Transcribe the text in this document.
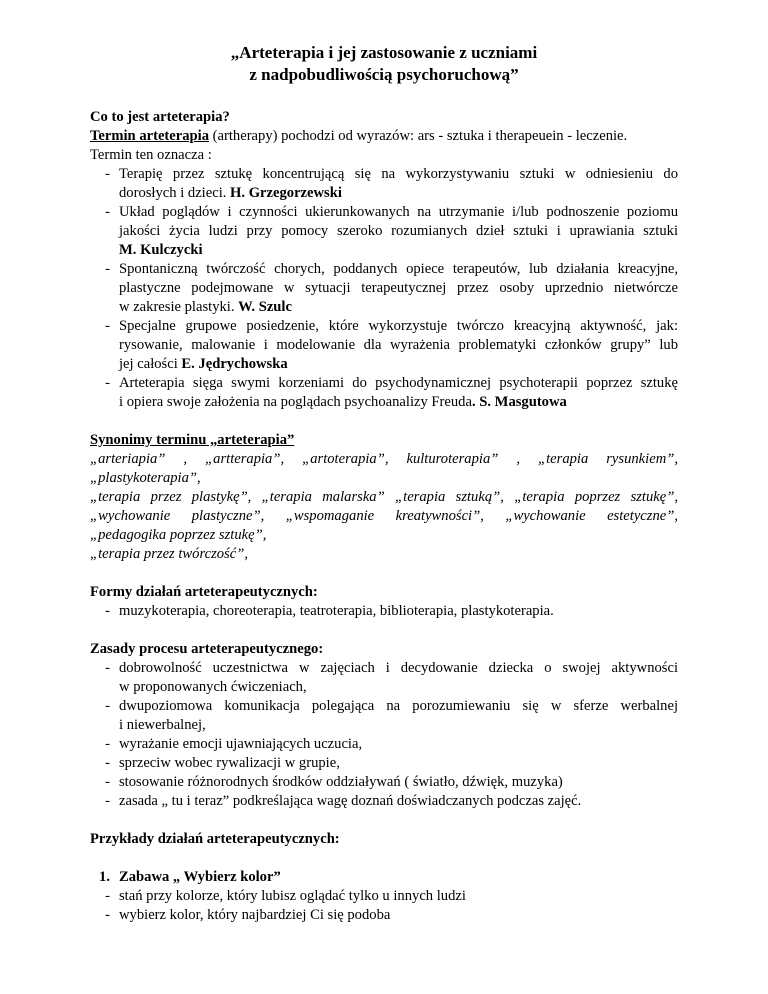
„Arteterapia i jej zastosowanie z uczniami
z nadpobudliwością psychoruchową”
Co to jest arteterapia?
Termin arteterapia (artherapy) pochodzi od wyrazów: ars - sztuka i therapeuein - leczenie.
Termin ten oznacza :
- Terapię przez sztukę koncentrującą się na wykorzystywaniu sztuki w odniesieniu do
dorosłych i dzieci. H. Grzegorzewski
- Układ poglądów i czynności ukierunkowanych na utrzymanie i/lub podnoszenie poziomu
jakości życia ludzi przy pomocy szeroko rozumianych dzieł sztuki i uprawiania sztuki
M. Kulczycki
- Spontaniczną twórczość chorych, poddanych opiece terapeutów, lub działania kreacyjne,
plastyczne podejmowane w sytuacji terapeutycznej przez osoby uprzednio nietwórcze
w zakresie plastyki. W. Szulc
- Specjalne grupowe posiedzenie, które wykorzystuje twórczo kreacyjną aktywność, jak:
rysowanie, malowanie i modelowanie dla wyrażenia problematyki członków grupy” lub
jej całości E. Jędrychowska
- Arteterapia sięga swymi korzeniami do psychodynamicznej psychoterapii poprzez sztukę
i opiera swoje założenia na poglądach psychoanalizy Freuda. S. Masgutowa
Synonimy terminu „arteterapia”
„arteriapia” , „artterapia”, „artoterapia”, kulturoterapia” , „terapia rysunkiem”,
„plastykoterapia”,
„terapia przez plastykę”, „terapia malarska” „terapia sztuką”, „terapia poprzez sztukę”,
„wychowanie plastyczne”, „wspomaganie kreatywności”, „wychowanie estetyczne”,
„pedagogika poprzez sztukę”,
„terapia przez twórczość”,
Formy działań arteterapeutycznych:
- muzykoterapia, choreoterapia, teatroterapia, biblioterapia, plastykoterapia.
Zasady procesu arteterapeutycznego:
- dobrowolność uczestnictwa w zajęciach i decydowanie dziecka o swojej aktywności
w proponowanych ćwiczeniach,
- dwupoziomowa komunikacja polegająca na porozumiewaniu się w sferze werbalnej
i niewerbalnej,
- wyrażanie emocji ujawniających uczucia,
- sprzeciw wobec rywalizacji w grupie,
- stosowanie różnorodnych środków oddziaływań ( światło, dźwięk, muzyka)
- zasada „ tu i teraz” podkreślająca wagę doznań doświadczanych podczas zajęć.
Przykłady działań arteterapeutycznych:
1. Zabawa „ Wybierz kolor”
- stań przy kolorze, który lubisz oglądać tylko u innych ludzi
- wybierz kolor, który najbardziej Ci się podoba
